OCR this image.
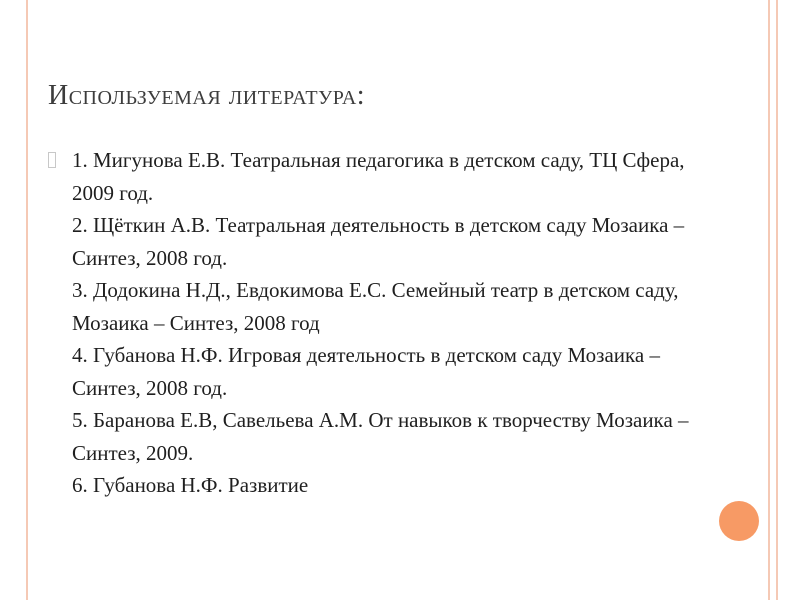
Используемая литература:
1. Мигунова Е.В. Театральная педагогика в детском саду, ТЦ Сфера, 2009 год.
2. Щёткин А.В. Театральная деятельность в детском саду Мозаика – Синтез, 2008 год.
3. Додокина Н.Д., Евдокимова Е.С. Семейный театр в детском саду, Мозаика – Синтез, 2008 год
4. Губанова Н.Ф. Игровая деятельность в детском саду Мозаика – Синтез, 2008 год.
5. Баранова Е.В, Савельева А.М. От навыков к творчеству Мозаика – Синтез, 2009.
6. Губанова Н.Ф. Развитие
